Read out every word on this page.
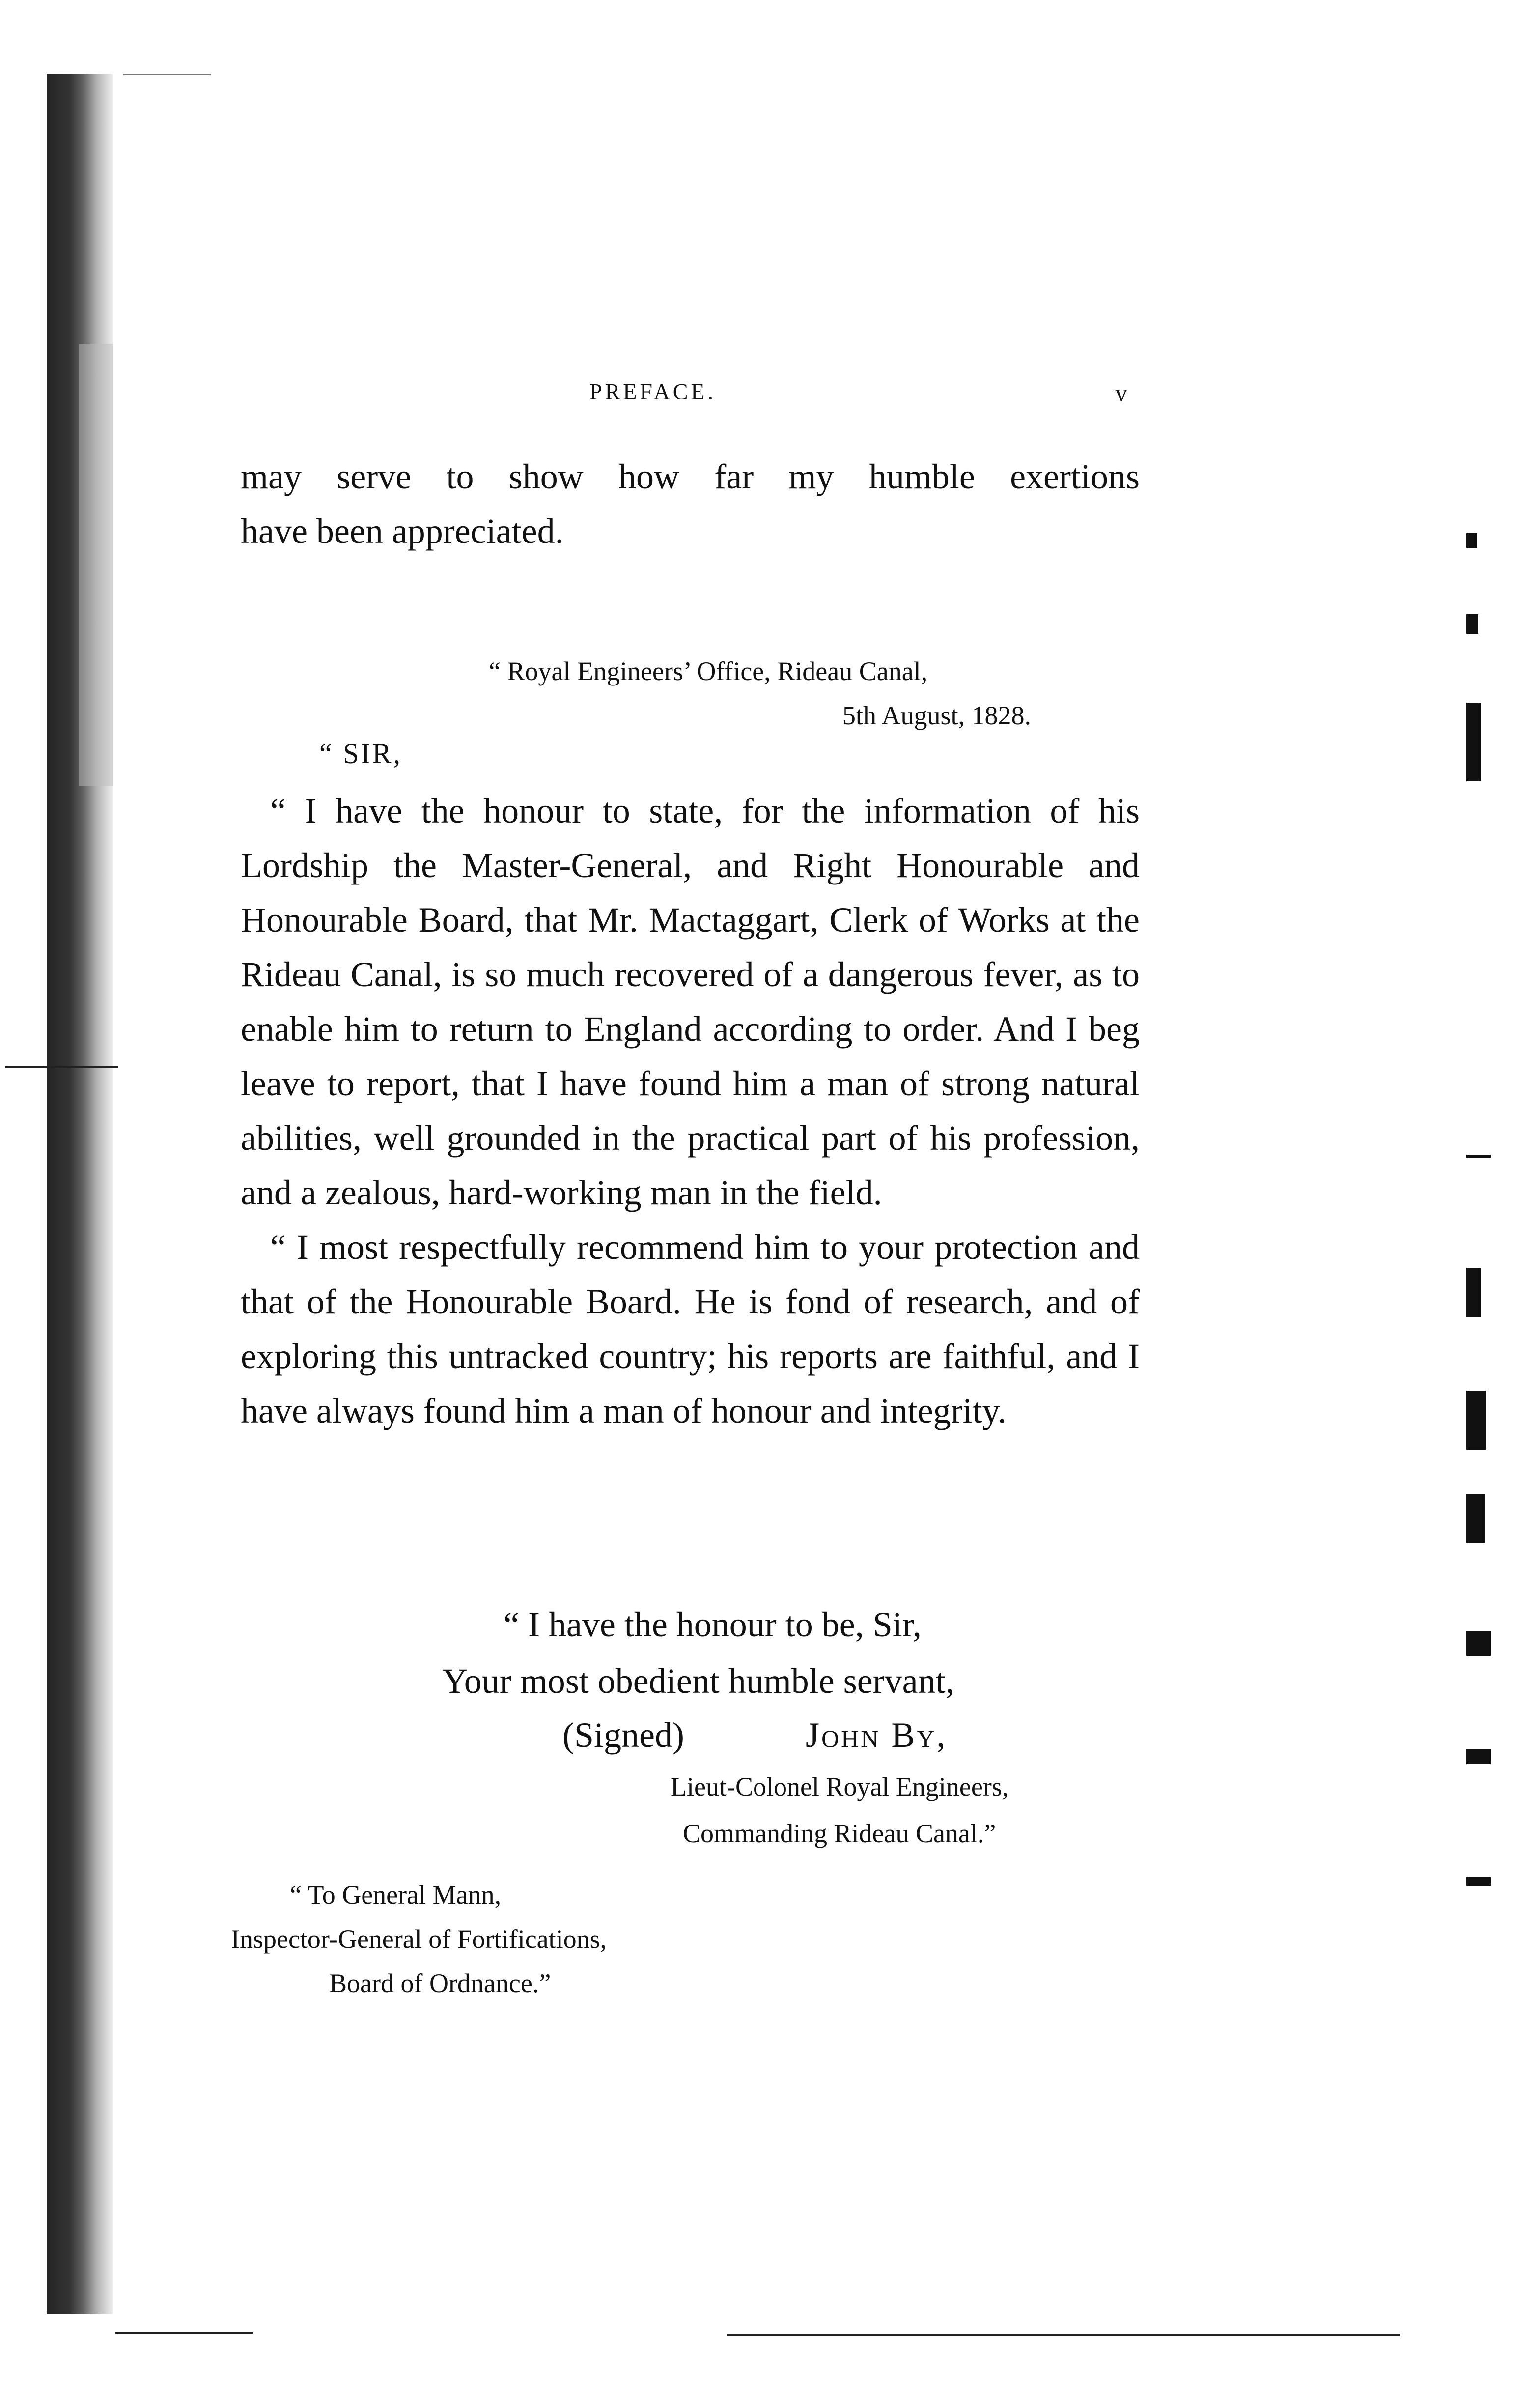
PREFACE.	v

may serve to show how far my humble exertions

have been appreciated.

“ Royal Engineers’ Office, Rideau Canal,
5th August, 1828.
“ SIR,

“ I have the honour to state, for the information of his Lordship the Master-General, and Right Honourable and Honourable Board, that Mr. Mactaggart, Clerk of Works at the Rideau Canal, is so much recovered of a dangerous fever, as to enable him to return to England according to order. And I beg leave to report, that I have found him a man of strong natural abilities, well grounded in the practical part of his profession, and a zealous, hard-working man in the field.

“ I most respectfully recommend him to your protection and that of the Honourable Board. He is fond of research, and of exploring this untracked country; his reports are faithful, and I have always found him a man of honour and integrity.

“ I have the honour to be, Sir,
Your most obedient humble servant,
(Signed)	John By,
Lieut-Colonel Royal Engineers,
Commanding Rideau Canal.”
“ To General Mann,
Inspector-General of Fortifications,
Board of Ordnance.”
